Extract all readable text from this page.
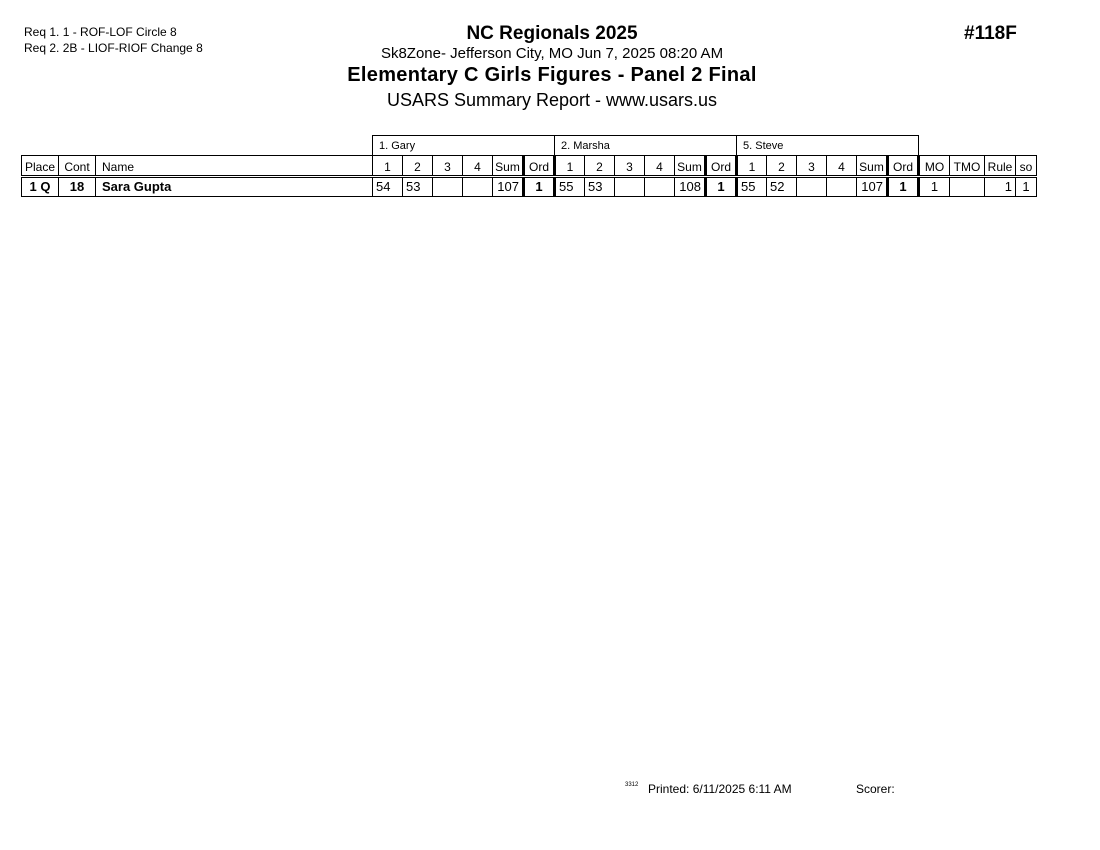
Req 1. 1 - ROF-LOF Circle 8
Req 2. 2B - LIOF-RIOF Change 8
NC Regionals 2025
Sk8Zone- Jefferson City, MO Jun 7, 2025 08:20 AM
Elementary C Girls Figures - Panel 2 Final
USARS Summary Report - www.usars.us
#118F
			1. Gary						2. Marsha						5. Steve									
Place	Cont	Name	1	2	3	4	Sum	Ord	1	2	3	4	Sum	Ord	1	2	3	4	Sum	Ord	MO	TMO	Rule	so
1 Q	18	Sara Gupta	54	53			107	1	55	53			108	1	55	52			107	1	1		1	1
3312 Printed: 6/11/2025 6:11 AM	Scorer:
